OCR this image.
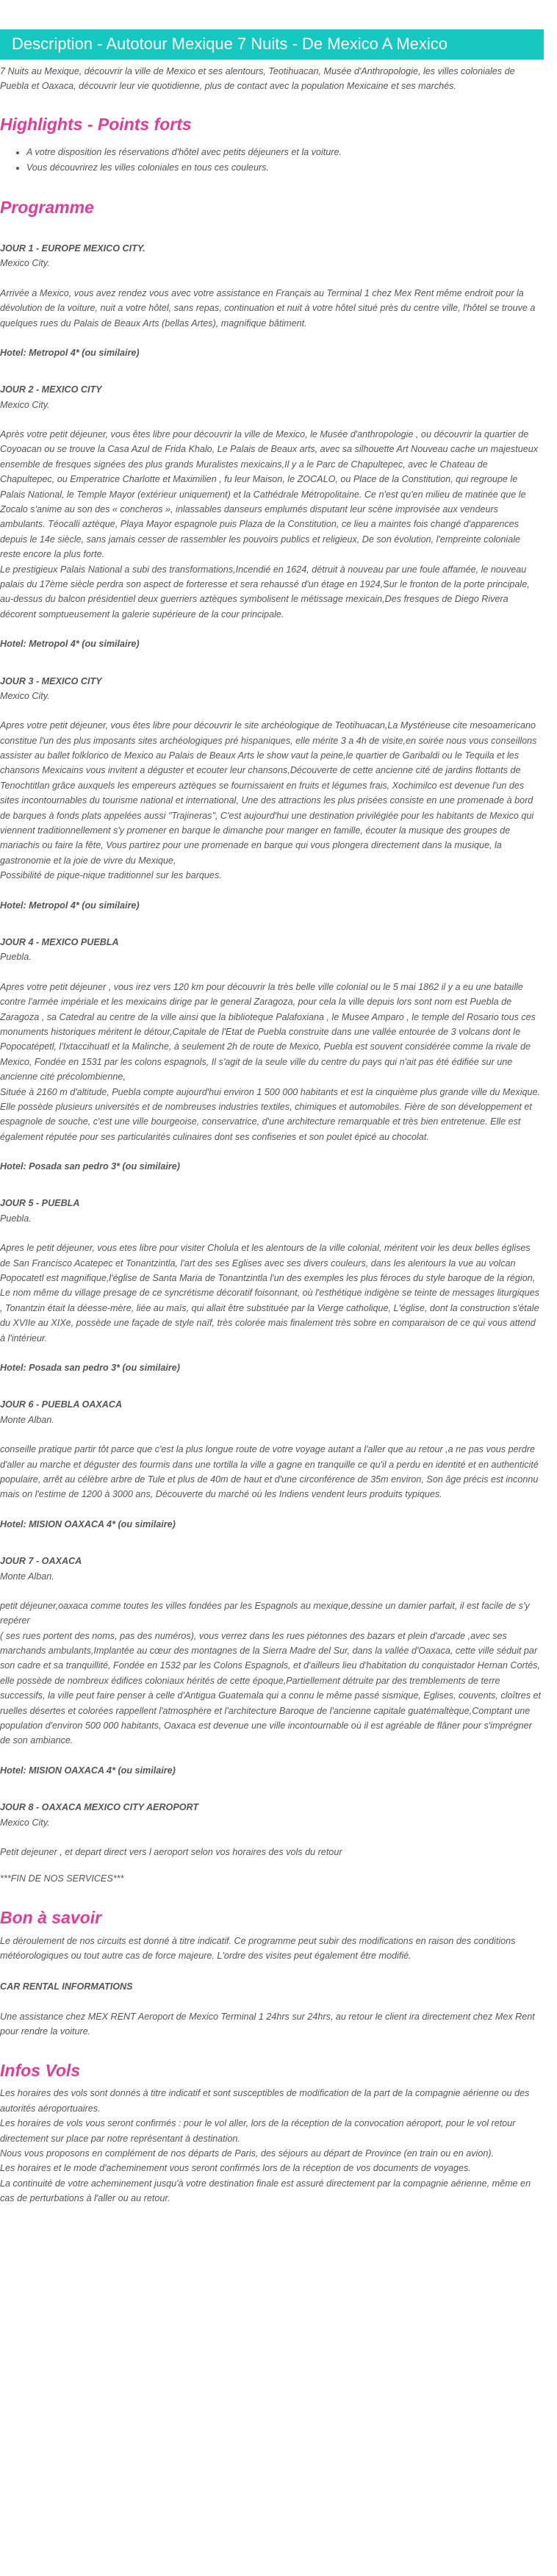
Description - Autotour Mexique 7 Nuits - De Mexico A Mexico

7 Nuits au Mexique, découvrir la ville de Mexico et ses alentours, Teotihuacan, Musée d'Anthropologie, les villes coloniales de Puebla et Oaxaca, découvrir leur vie quotidienne, plus de contact avec la population Mexicaine et ses marchés.

Highlights - Points forts
• A votre disposition les réservations d'hôtel avec petits déjeuners et la voiture.
• Vous découvrirez les villes coloniales en tous ces couleurs.
Programme

JOUR 1 - EUROPE MEXICO CITY.

Mexico City.

Arrivée a Mexico, vous avez rendez vous avec votre assistance en Français au Terminal 1 chez Mex Rent même endroit pour la dévolution de la voiture, nuit a votre hôtel, sans repas, continuation et nuit à votre hôtel situé près du centre ville, l'hôtel se trouve a quelques rues du Palais de Beaux Arts (bellas Artes), magnifique bâtiment.

Hotel: Metropol 4* (ou similaire)

JOUR 2 - MEXICO CITY

Mexico City.

Après votre petit déjeuner, vous êtes libre pour découvrir la ville de Mexico, le Musée d'anthropologie , ou découvrir la quartier de Coyoacan ou se trouve la Casa Azul de Frida Khalo, Le Palais de Beaux arts, avec sa silhouette Art Nouveau cache un majestueux ensemble de fresques signées des plus grands Muralistes mexicains,Il y a le Parc de Chapultepec, avec le Chateau de Chapultepec, ou Emperatrice Charlotte et Maximilien , fu leur Maison, le ZOCALO, ou Place de la Constitution, qui regroupe le Palais National, le Temple Mayor (extérieur uniquement) et la Cathédrale Métropolitaine. Ce n'est qu'en milieu de matinée que le Zocalo s'anime au son des « concheros », inlassables danseurs emplumés disputant leur scène improvisée aux vendeurs ambulants. Téocalli aztèque, Playa Mayor espagnole puis Plaza de la Constitution, ce lieu a maintes fois changé d'apparences depuis le 14e siècle, sans jamais cesser de rassembler les pouvoirs publics et religieux, De son évolution, l'empreinte coloniale reste encore la plus forte.
Le prestigieux Palais National a subi des transformations,Incendié en 1624, détruit à nouveau par une foule affamée, le nouveau palais du 17ème siècle perdra son aspect de forteresse et sera rehaussé d'un étage en 1924,Sur le fronton de la porte principale, au-dessus du balcon présidentiel deux guerriers aztèques symbolisent le métissage mexicain,Des fresques de Diego Rivera décorent somptueusement la galerie supérieure de la cour principale.

Hotel: Metropol 4* (ou similaire)

JOUR 3 - MEXICO CITY

Mexico City.

Apres votre petit déjeuner, vous êtes libre pour découvrir le site archéologique de Teotihuacan,La Mystérieuse cite mesoamericano constitue l'un des plus imposants sites archéologiques pré hispaniques, elle mérite 3 a 4h de visite,en soirée nous vous conseillons assister au ballet folklorico de Mexico au Palais de Beaux Arts le show vaut la peine,le quartier de Garibaldi ou le Tequila et les chansons Mexicains vous invitent a déguster et ecouter leur chansons,Découverte de cette ancienne cité de jardins flottants de Tenochtitlan grâce auxquels les empereurs aztèques se fournissaient en fruits et légumes frais, Xochimilco est devenue l'un des sites incontournables du tourisme national et international, Une des attractions les plus prisées consiste en une promenade à bord de barques à fonds plats appelées aussi "Trajineras", C'est aujourd'hui une destination privilégiée pour les habitants de Mexico qui viennent traditionnellement s'y promener en barque le dimanche pour manger en famille, écouter la musique des groupes de mariachis ou faire la fête, Vous partirez pour une promenade en barque qui vous plongera directement dans la musique, la gastronomie et la joie de vivre du Mexique,
Possibilité de pique-nique traditionnel sur les barques.

Hotel: Metropol 4* (ou similaire)

JOUR 4 - MEXICO PUEBLA

Puebla.

Apres votre petit déjeuner , vous irez vers 120 km pour découvrir la très belle ville colonial ou le 5 mai 1862 il y a eu une bataille contre l'armée impériale et les mexicains dirige par le general Zaragoza, pour cela la ville depuis lors sont nom est Puebla de Zaragoza , sa Catedral au centre de la ville ainsi que la biblioteque Palafoxiana , le Musee Amparo , le temple del Rosario tous ces monuments historiques méritent le détour,Capitale de l'Etat de Puebla construite dans une vallée entourée de 3 volcans dont le Popocatépetl, l'Ixtaccihuatl et la Malinche, à seulement 2h de route de Mexico, Puebla est souvent considérée comme la rivale de Mexico, Fondée en 1531 par les colons espagnols, Il s'agit de la seule ville du centre du pays qui n'ait pas été édifiée sur une ancienne cité précolombienne,
Située à 2160 m d'altitude, Puebla compte aujourd'hui environ 1 500 000 habitants et est la cinquième plus grande ville du Mexique. Elle possède plusieurs universités et de nombreuses industries textiles, chimiques et automobiles. Fière de son développement et espagnole de souche, c'est une ville bourgeoise, conservatrice, d'une architecture remarquable et très bien entretenue. Elle est également réputée pour ses particularités culinaires dont ses confiseries et son poulet épicé au chocolat.

Hotel: Posada san pedro 3* (ou similaire)

JOUR 5 - PUEBLA

Puebla.

Apres le petit déjeuner, vous etes libre pour visiter Cholula et les alentours de la ville colonial, méritent voir les deux belles églises de San Francisco Acatepec et Tonantzintla, l'art des ses Eglises avec ses divers couleurs, dans les alentours la vue au volcan Popocatetl est magnifique,l'église de Santa Maria de Tonantzintla l'un des exemples les plus féroces du style baroque de la région, Le nom même du village presage de ce syncrétisme décoratif foisonnant, où l'esthétique indigène se teinte de messages liturgiques , Tonantzin était la déesse-mère, liée au maïs, qui allait être substituée par la Vierge catholique, L'église, dont la construction s'étale du XVIIe au XIXe, possède une façade de style naïf, très colorée mais finalement très sobre en comparaison de ce qui vous attend à l'intérieur.

Hotel: Posada san pedro 3* (ou similaire)

JOUR 6 - PUEBLA OAXACA

Monte Alban.

conseille pratique partir tôt parce que c'est la plus longue route de votre voyage autant a l'aller que au retour ,a ne pas vous perdre d'aller au marche et déguster des fourmis dans une tortilla la ville a gagne en tranquille ce qu'il a perdu en identité et en authenticité populaire, arrêt au célèbre arbre de Tule et plus de 40m de haut et d'une circonférence de 35m environ, Son âge précis est inconnu mais on l'estime de 1200 à 3000 ans, Découverte du marché où les Indiens vendent leurs produits typiques.

Hotel: MISION OAXACA 4* (ou similaire)

JOUR 7 - OAXACA

Monte Alban.

petit déjeuner,oaxaca comme toutes les villes fondées par les Espagnols au mexique,dessine un damier parfait, il est facile de s'y repérer
( ses rues portent des noms, pas des numéros), vous verrez dans les rues piétonnes des bazars et plein d'arcade ,avec ses marchands ambulants,Implantée au cœur des montagnes de la Sierra Madre del Sur, dans la vallée d'Oaxaca, cette ville séduit par son cadre et sa tranquillité, Fondée en 1532 par les Colons Espagnols, et d'ailleurs lieu d'habitation du conquistador Hernan Cortés, elle possède de nombreux édifices coloniaux hérités de cette époque,Partiellement détruite par des tremblements de terre successifs, la ville peut faire penser à celle d'Antigua Guatemala qui a connu le même passé sismique, Eglises, couvents, cloîtres et ruelles désertes et colorées rappellent l'atmosphère et l'architecture Baroque de l'ancienne capitale guatémaltèque,Comptant une population d'environ 500 000 habitants, Oaxaca est devenue une ville incontournable où il est agréable de flâner pour s'imprégner de son ambiance.

Hotel: MISION OAXACA 4* (ou similaire)

JOUR 8 - OAXACA MEXICO CITY AEROPORT

Mexico City.

Petit dejeuner , et depart direct vers l aeroport selon vos horaires des vols du retour

***FIN DE NOS SERVICES***

Bon à savoir

Le déroulement de nos circuits est donné à titre indicatif. Ce programme peut subir des modifications en raison des conditions météorologiques ou tout autre cas de force majeure. L'ordre des visites peut également être modifié.

CAR RENTAL INFORMATIONS

Une assistance chez MEX RENT Aeroport de Mexico Terminal 1 24hrs sur 24hrs, au retour le client ira directement chez Mex Rent pour rendre la voiture.

Infos Vols

Les horaires des vols sont donnés à titre indicatif et sont susceptibles de modification de la part de la compagnie aérienne ou des autorités aéroportuaires.
Les horaires de vols vous seront confirmés : pour le vol aller, lors de la réception de la convocation aéroport, pour le vol retour directement sur place par notre représentant à destination.
Nous vous proposons en complément de nos départs de Paris, des séjours au départ de Province (en train ou en avion).
Les horaires et le mode d'acheminement vous seront confirmés lors de la réception de vos documents de voyages.
La continuité de votre acheminement jusqu'à votre destination finale est assuré directement par la compagnie aérienne, même en cas de perturbations à l'aller ou au retour.
